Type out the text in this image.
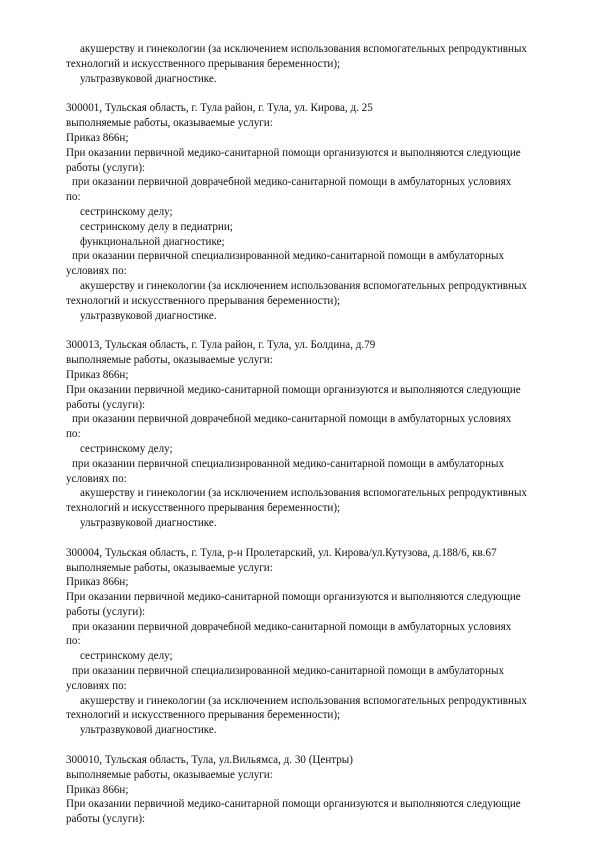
акушерству и гинекологии (за исключением использования вспомогательных репродуктивных

технологий и искусственного прерывания беременности);

ультразвуковой диагностике.

300001, Тульская область, г. Тула район, г. Тула, ул. Кирова, д. 25

выполняемые работы, оказываемые услуги:

Приказ 866н;

При оказании первичной медико-санитарной помощи организуются и выполняются следующие

работы (услуги):

при оказании первичной доврачебной медико-санитарной помощи в амбулаторных условиях

по:

сестринскому делу;

сестринскому делу в педиатрии;

функциональной диагностике;

при оказании первичной специализированной медико-санитарной помощи в амбулаторных

условиях по:

акушерству и гинекологии (за исключением использования вспомогательных репродуктивных

технологий и искусственного прерывания беременности);

ультразвуковой диагностике.

300013, Тульская область, г. Тула район, г. Тула, ул. Болдина, д.79

выполняемые работы, оказываемые услуги:

Приказ 866н;

При оказании первичной медико-санитарной помощи организуются и выполняются следующие

работы (услуги):

при оказании первичной доврачебной медико-санитарной помощи в амбулаторных условиях

по:

сестринскому делу;

при оказании первичной специализированной медико-санитарной помощи в амбулаторных

условиях по:

акушерству и гинекологии (за исключением использования вспомогательных репродуктивных

технологий и искусственного прерывания беременности);

ультразвуковой диагностике.

300004, Тульская область, г. Тула, р-н Пролетарский, ул. Кирова/ул.Кутузова, д.188/6, кв.67

выполняемые работы, оказываемые услуги:

Приказ 866н;

При оказании первичной медико-санитарной помощи организуются и выполняются следующие

работы (услуги):

при оказании первичной доврачебной медико-санитарной помощи в амбулаторных условиях

по:

сестринскому делу;

при оказании первичной специализированной медико-санитарной помощи в амбулаторных

условиях по:

акушерству и гинекологии (за исключением использования вспомогательных репродуктивных

технологий и искусственного прерывания беременности);

ультразвуковой диагностике.

300010, Тульская область, Тула, ул.Вильямса, д. 30 (Центры)

выполняемые работы, оказываемые услуги:

Приказ 866н;

При оказании первичной медико-санитарной помощи организуются и выполняются следующие

работы (услуги):
